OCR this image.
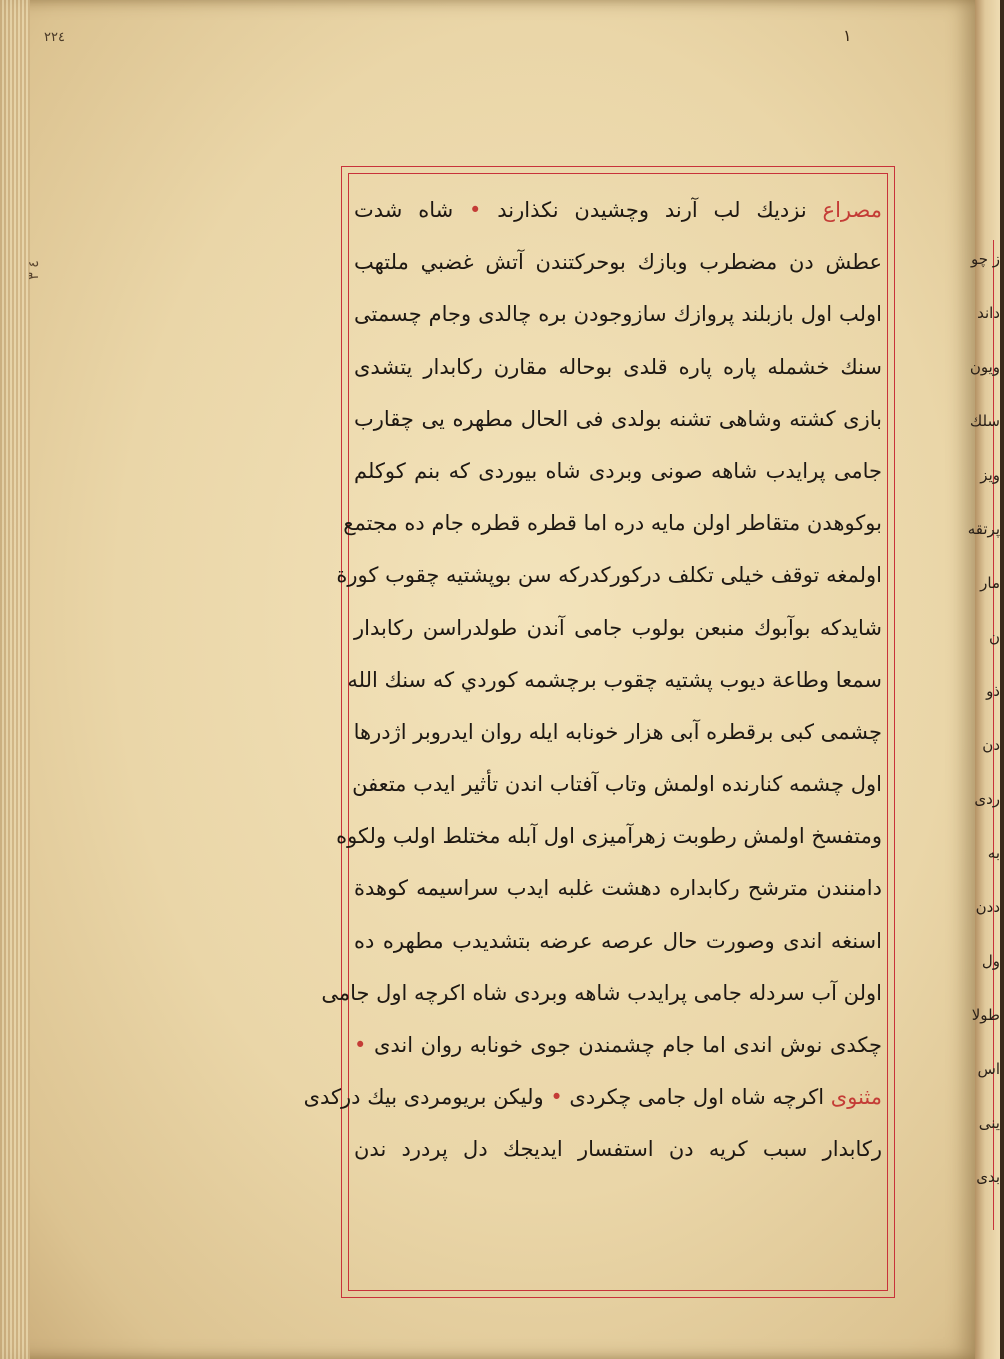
٢٢٤	١
٤ ٣
مصراع نزدیك لب آرند وچشیدن نكذارند • شاه شدت
عطش دن مضطرب وبازك بوحركتندن آتش غضبي ملتهب
اولب اول بازبلند پروازك سازوجودن بره چالدی وجام چسمتی
سنك خشمله پاره پاره قلدی بوحاله مقارن ركابدار یتشدی
بازی كشته وشاهی تشنه بولدی فی الحال مطهره یی چقارب
جامی پرایدب شاهه صونی وبردی شاه بیوردی كه بنم كوكلم
بوكوهدن متقاطر اولن مایه دره اما قطره قطره جام ده مجتمع
اولمغه توقف خیلی تكلف درکوركدركه سن بوپشتیه چقوب كورة
شایدكه بوآبوك منبعن بولوب جامی آندن طولدراسن ركابدار
سمعا وطاعة دیوب پشتیه چقوب برچشمه كوردي كه سنك الله
چشمی كبی برقطره آبی هزار خونابه ایله روان ایدروبر اژدرها
اول چشمه كنارنده اولمش وتاب آفتاب اندن تأثیر ایدب متعفن
ومتفسخ اولمش رطوبت زهرآمیزی اول آبله مختلط اولب ولكوه
دامنندن مترشح ركابداره دهشت غلبه ایدب سراسیمه كوهدة
اسنغه اندی وصورت حال عرصه عرضه بتشدیدب مطهره ده
اولن آب سردله جامی پرایدب شاهه وبردی شاه اكرچه اول جامی
چكدی نوش اندی اما جام چشمندن جوی خونابه روان اندی •
مثنوی اكرچه شاه اول جامی چكردی • ولیكن بریومردی بیك دركدی
ركابدار سبب كریه دن استفسار ایدیجك دل پردرد ندن
ز چو
داند
ویون
سلك
ویز
پرتقه
مار
ن
ذو
دن
ردی
به
ددن
ول
طولا
اس
ینی
بدی
